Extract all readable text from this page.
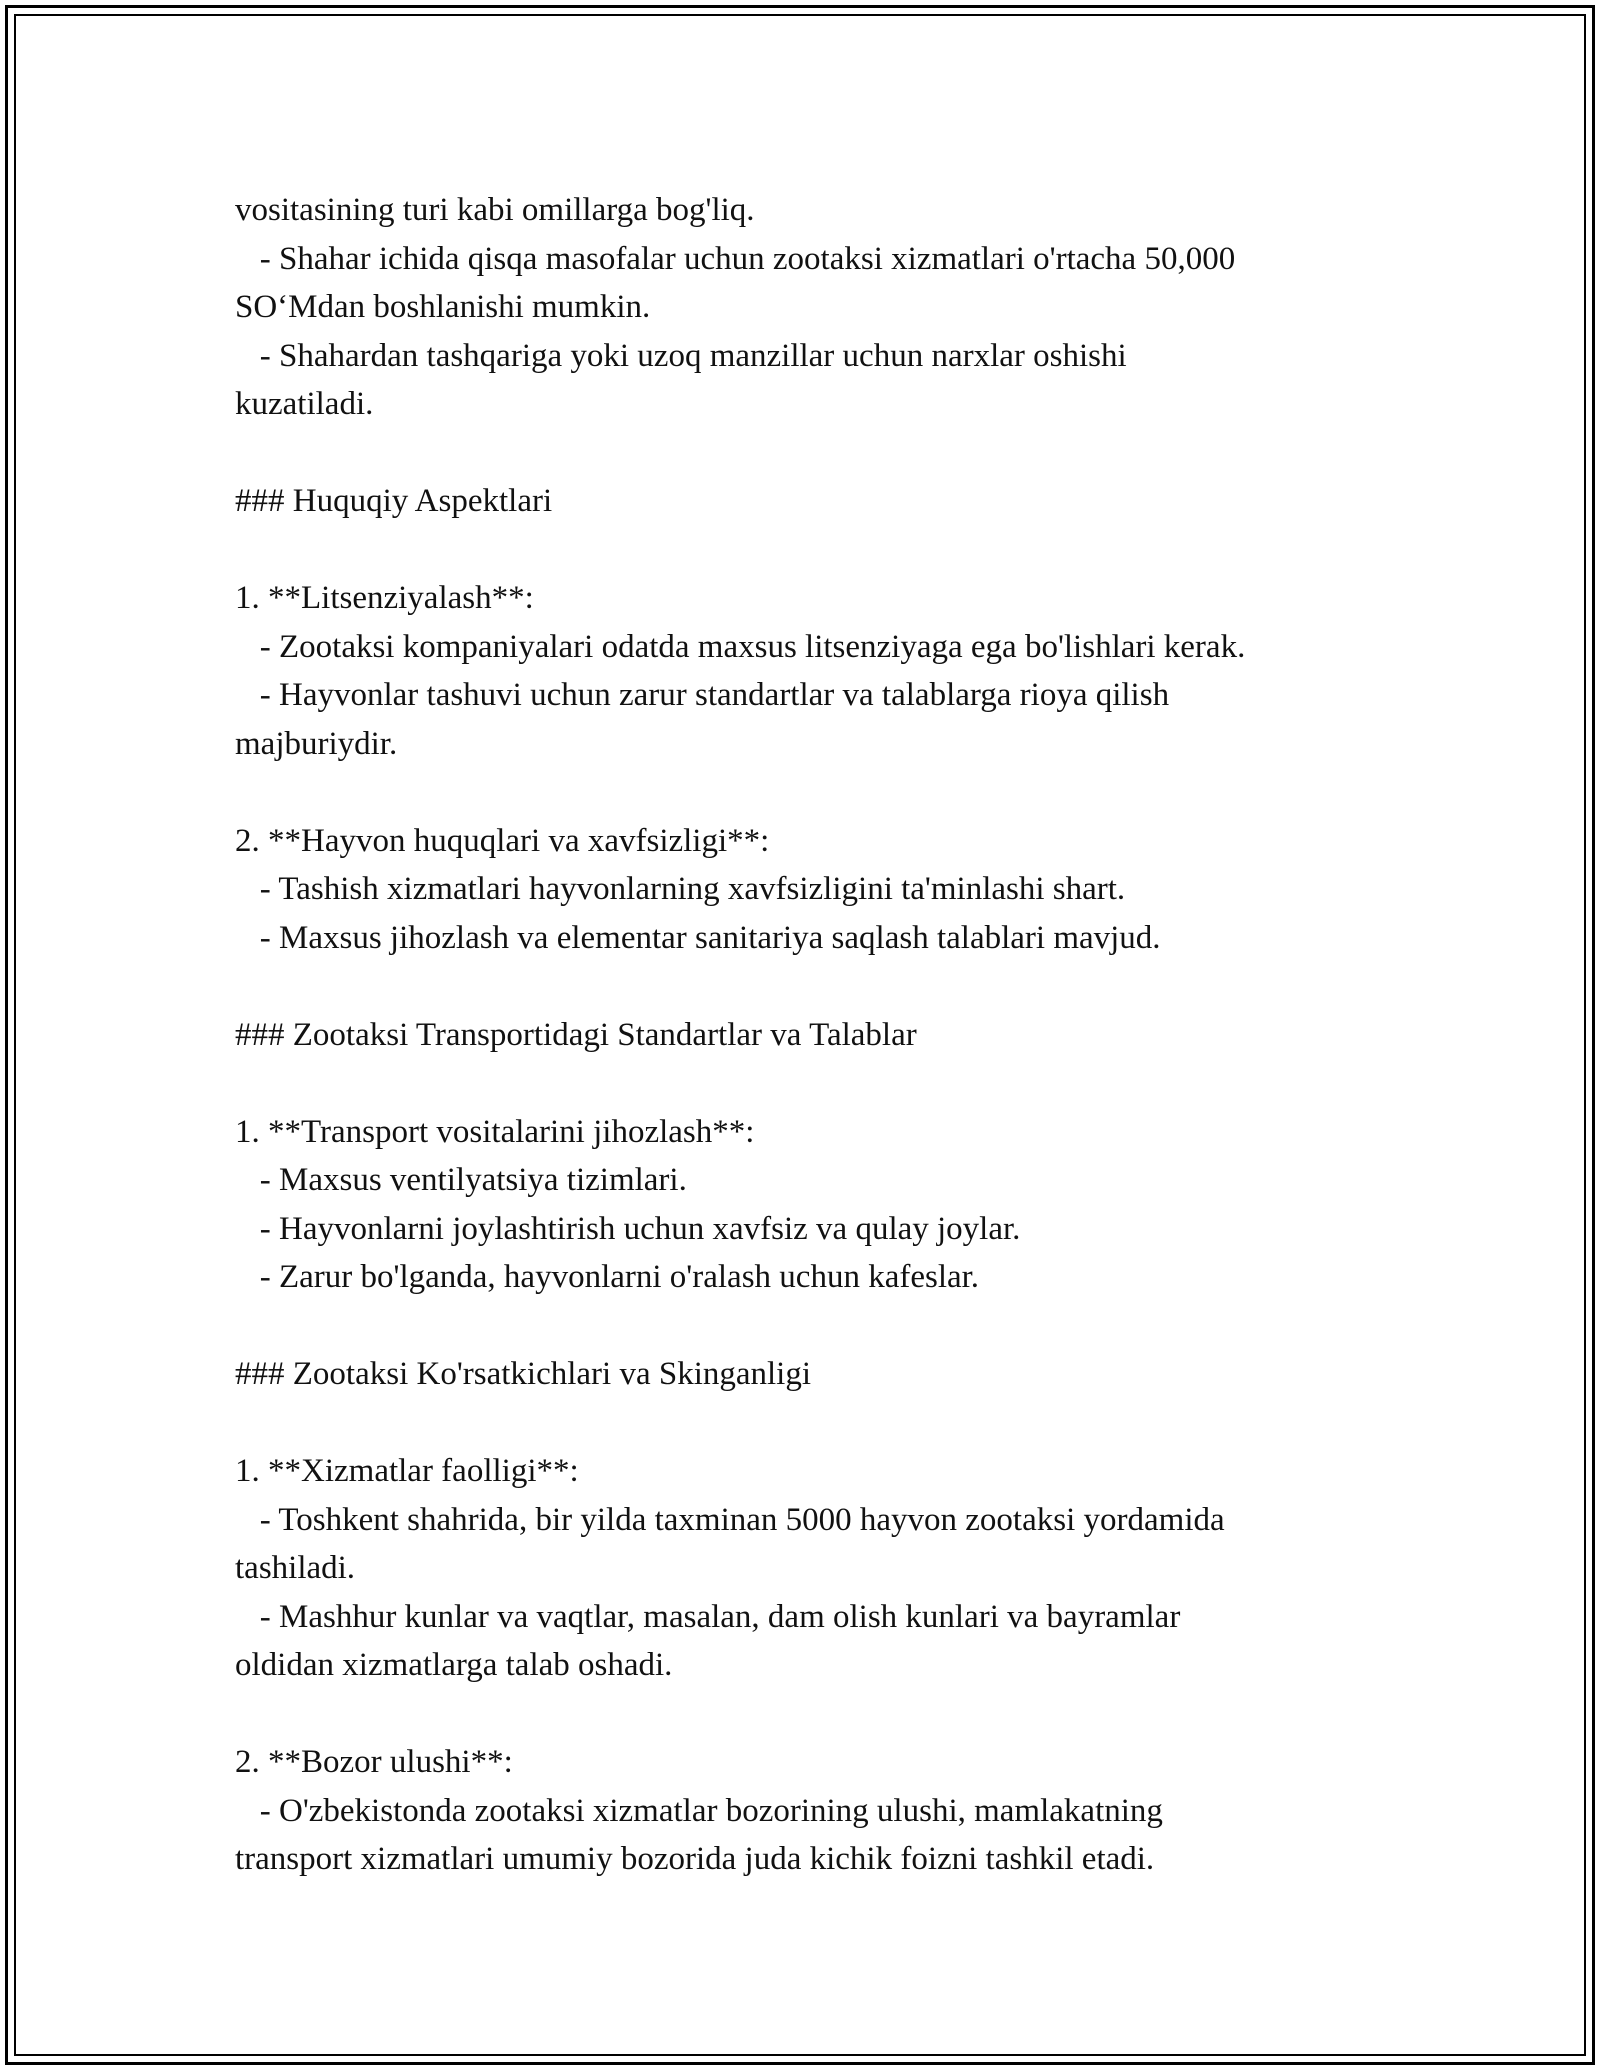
vositasining turi kabi omillarga bog'liq.
- Shahar ichida qisqa masofalar uchun zootaksi xizmatlari o'rtacha 50,000
SO‘Mdan boshlanishi mumkin.
- Shahardan tashqariga yoki uzoq manzillar uchun narxlar oshishi
kuzatiladi.
### Huquqiy Aspektlari
1. **Litsenziyalash**:
- Zootaksi kompaniyalari odatda maxsus litsenziyaga ega bo'lishlari kerak.
- Hayvonlar tashuvi uchun zarur standartlar va talablarga rioya qilish
majburiydir.
2. **Hayvon huquqlari va xavfsizligi**:
- Tashish xizmatlari hayvonlarning xavfsizligini ta'minlashi shart.
- Maxsus jihozlash va elementar sanitariya saqlash talablari mavjud.
### Zootaksi Transportidagi Standartlar va Talablar
1. **Transport vositalarini jihozlash**:
- Maxsus ventilyatsiya tizimlari.
- Hayvonlarni joylashtirish uchun xavfsiz va qulay joylar.
- Zarur bo'lganda, hayvonlarni o'ralash uchun kafeslar.
### Zootaksi Ko'rsatkichlari va Skinganligi
1. **Xizmatlar faolligi**:
- Toshkent shahrida, bir yilda taxminan 5000 hayvon zootaksi yordamida
tashiladi.
- Mashhur kunlar va vaqtlar, masalan, dam olish kunlari va bayramlar
oldidan xizmatlarga talab oshadi.
2. **Bozor ulushi**:
- O'zbekistonda zootaksi xizmatlar bozorining ulushi, mamlakatning
transport xizmatlari umumiy bozorida juda kichik foizni tashkil etadi.
